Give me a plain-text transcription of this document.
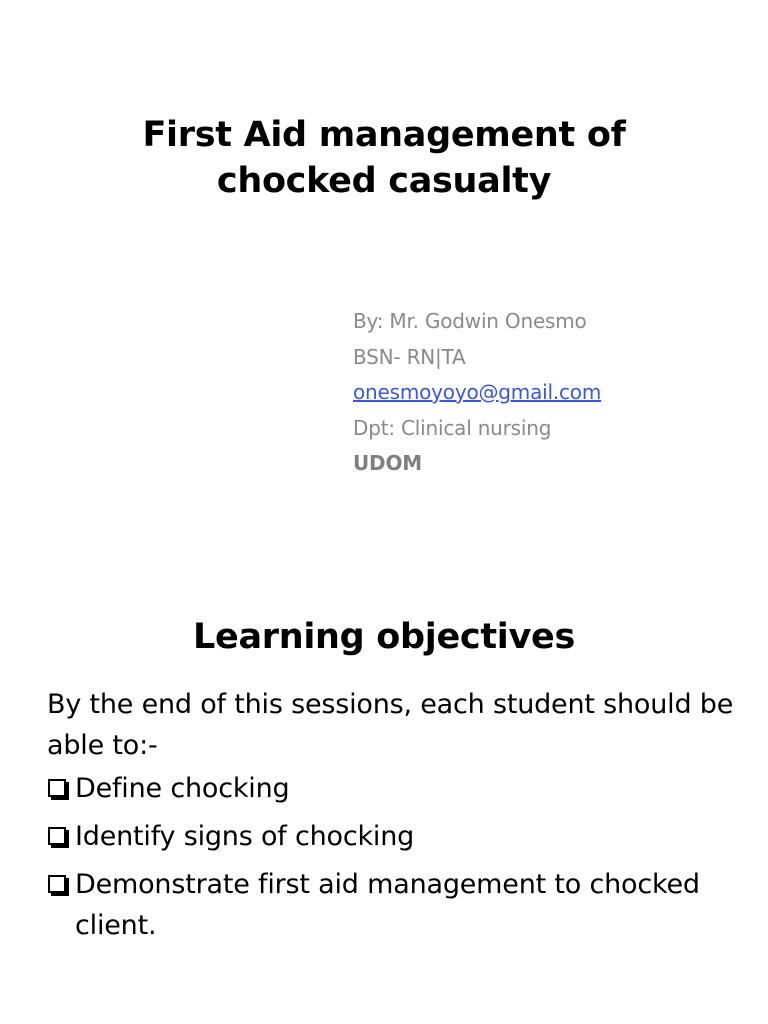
First Aid management of
chocked casualty
By: Mr. Godwin Onesmo
BSN- RN|TA
onesmoyoyo@gmail.com
Dpt: Clinical nursing
UDOM
Learning objectives
By the end of this sessions, each student should be able to:-
Define chocking
Identify signs of chocking
Demonstrate first aid management to chocked client.
